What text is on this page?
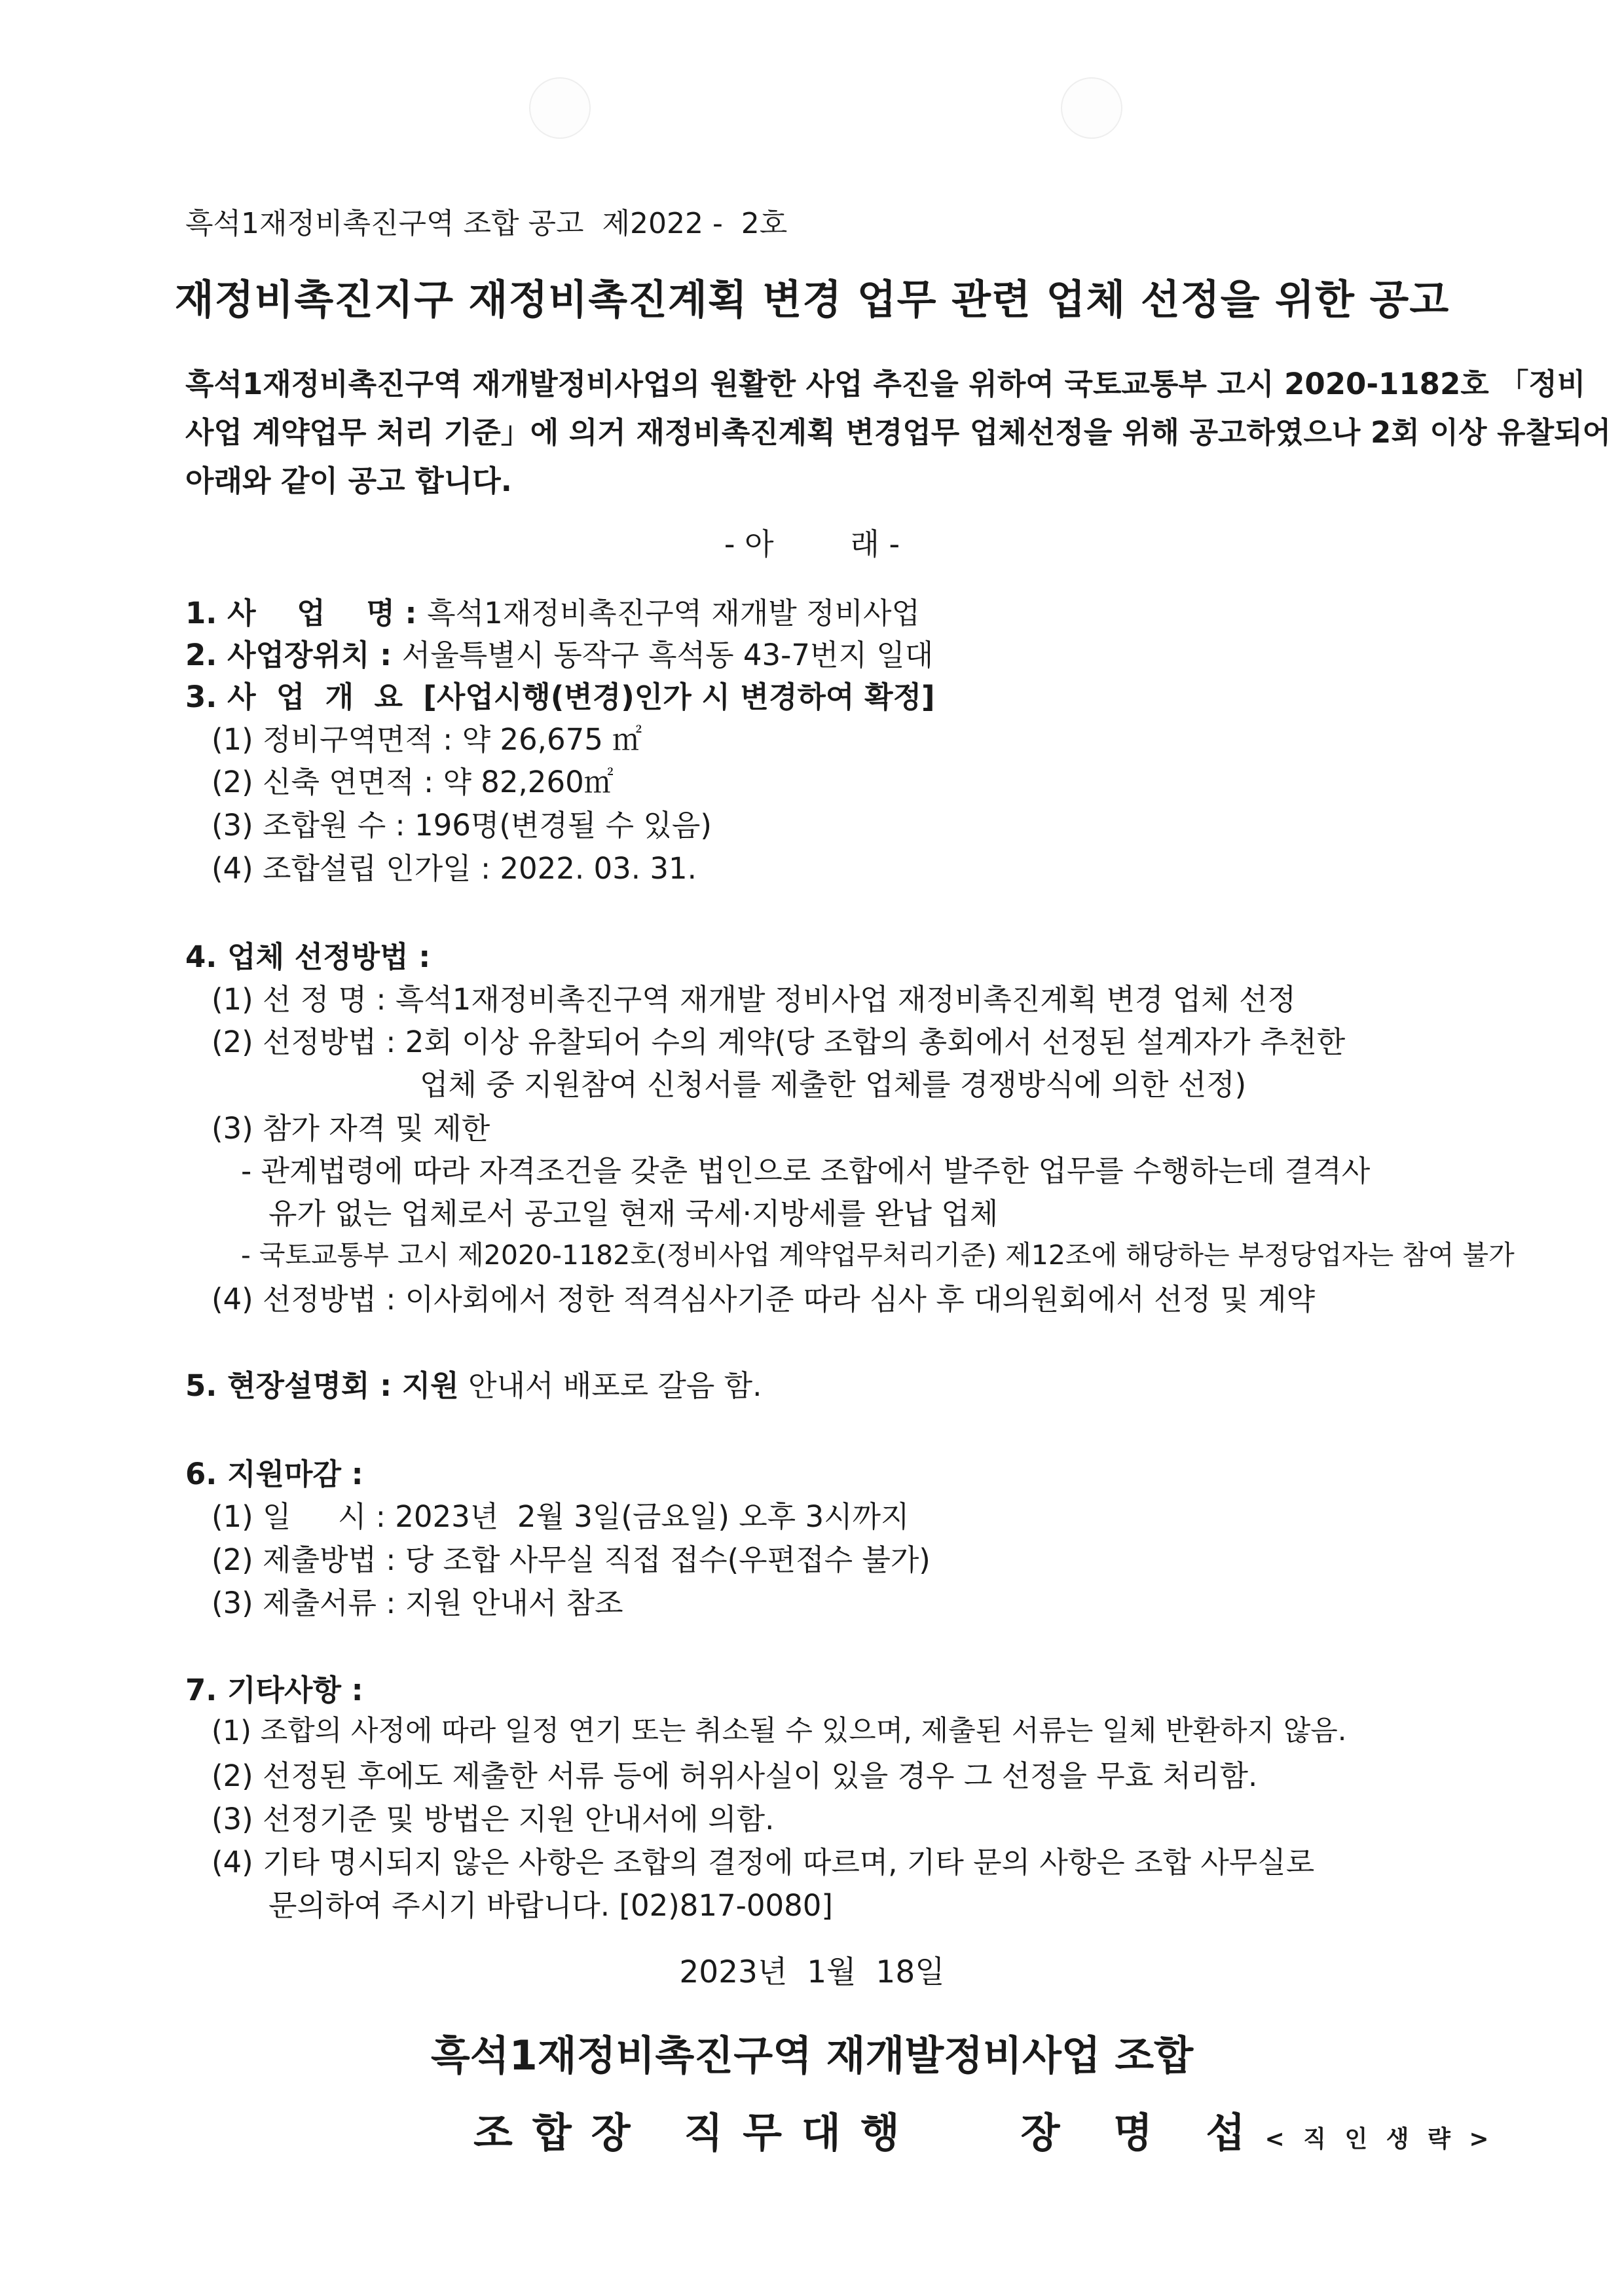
흑석1재정비촉진구역 조합 공고  제2022 -  2호
재정비촉진지구 재정비촉진계획 변경 업무 관련 업체 선정을 위한 공고
흑석1재정비촉진구역 재개발정비사업의 원활한 사업 추진을 위하여 국토교통부 고시 2020-1182호 「정비
사업 계약업무 처리 기준」에 의거 재정비촉진계획 변경업무 업체선정을 위해 공고하였으나 2회 이상 유찰되어
아래와 같이 공고 합니다.
- 아        래 -
1. 사    업    명 : 흑석1재정비촉진구역 재개발 정비사업
2. 사업장위치 : 서울특별시 동작구 흑석동 43-7번지 일대
3. 사  업  개  요  [사업시행(변경)인가 시 변경하여 확정]
(1) 정비구역면적 : 약 26,675 ㎡
(2) 신축 연면적 : 약 82,260㎡
(3) 조합원 수 : 196명(변경될 수 있음)
(4) 조합설립 인가일 : 2022. 03. 31.
4. 업체 선정방법 :
(1) 선 정 명 : 흑석1재정비촉진구역 재개발 정비사업 재정비촉진계획 변경 업체 선정
(2) 선정방법 : 2회 이상 유찰되어 수의 계약(당 조합의 총회에서 선정된 설계자가 추천한
업체 중 지원참여 신청서를 제출한 업체를 경쟁방식에 의한 선정)
(3) 참가 자격 및 제한
- 관계법령에 따라 자격조건을 갖춘 법인으로 조합에서 발주한 업무를 수행하는데 결격사
유가 없는 업체로서 공고일 현재 국세·지방세를 완납 업체
- 국토교통부 고시 제2020-1182호(정비사업 계약업무처리기준) 제12조에 해당하는 부정당업자는 참여 불가
(4) 선정방법 : 이사회에서 정한 적격심사기준 따라 심사 후 대의원회에서 선정 및 계약
5. 현장설명회 : 지원 안내서 배포로 갈음 함.
6. 지원마감 :
(1) 일     시 : 2023년  2월 3일(금요일) 오후 3시까지
(2) 제출방법 : 당 조합 사무실 직접 접수(우편접수 불가)
(3) 제출서류 : 지원 안내서 참조
7. 기타사항 :
(1) 조합의 사정에 따라 일정 연기 또는 취소될 수 있으며, 제출된 서류는 일체 반환하지 않음.
(2) 선정된 후에도 제출한 서류 등에 허위사실이 있을 경우 그 선정을 무효 처리함.
(3) 선정기준 및 방법은 지원 안내서에 의함.
(4) 기타 명시되지 않은 사항은 조합의 결정에 따르며, 기타 문의 사항은 조합 사무실로
문의하여 주시기 바랍니다. [02)817-0080]
2023년  1월  18일
흑석1재정비촉진구역 재개발정비사업 조합
조합장 직무대행 장 명 섭< 직 인 생 략 >
